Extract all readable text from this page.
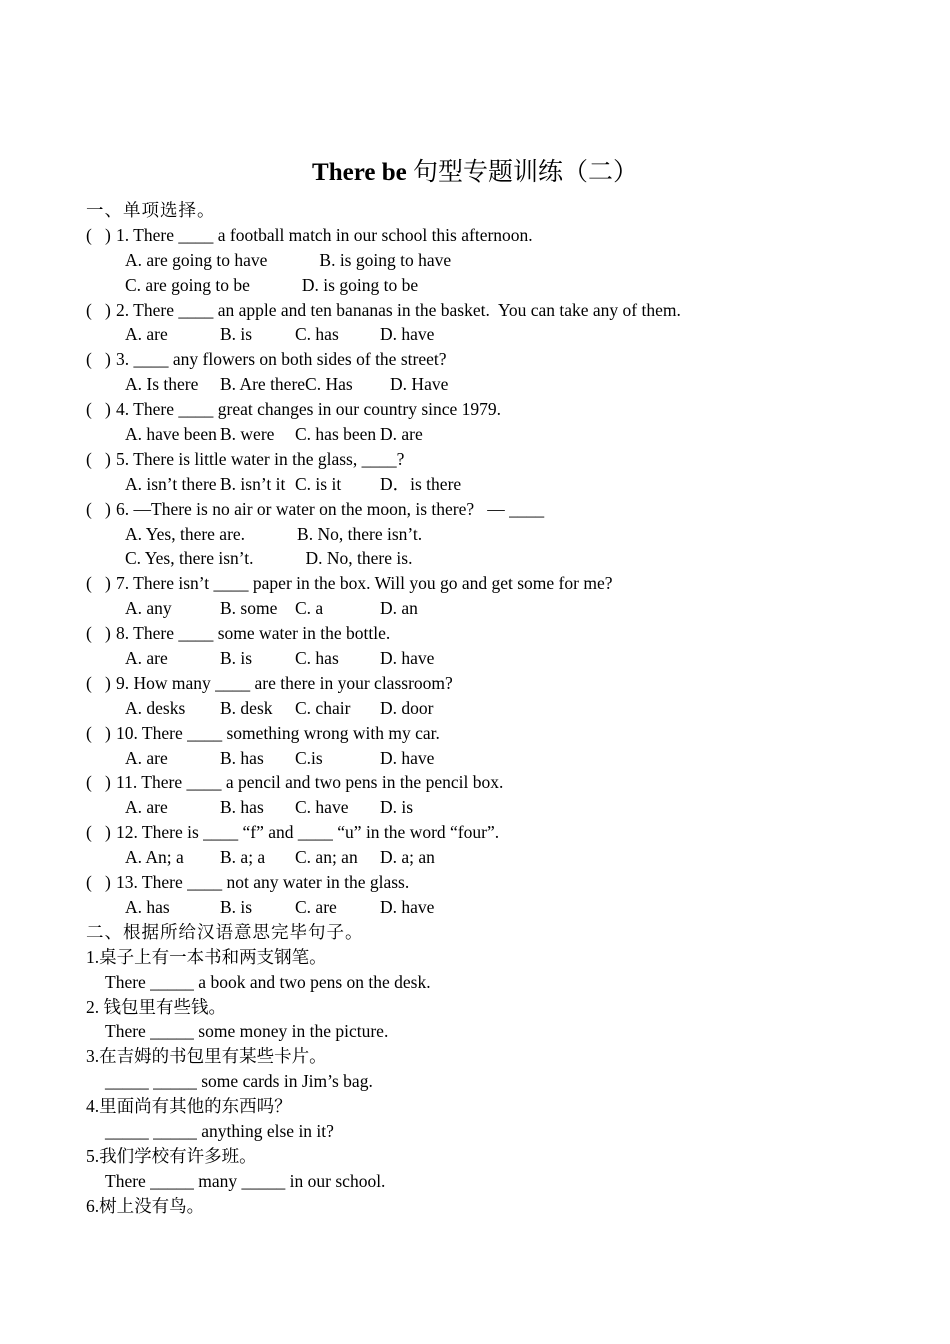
There be 句型专题训练（二）
一、单项选择。
(   ) 1. There ____ a football match in our school this afternoon.
A. are going to have	B. is going to have
C. are going to be	D. is going to be
(   ) 2. There ____ an apple and ten bananas in the basket.  You can take any of them.
A. are	B. is C. has D. have
(   ) 3. ____ any flowers on both sides of the street?
A. Is there B. Are thereC. Has D. Have
(   ) 4. There ____ great changes in our country since 1979.
A. have been B. were C. has been D. are
(   ) 5. There is little water in the glass, ____?
A. isn’t there B. isn’t it C. is it D．is there
(   ) 6. —There is no air or water on the moon, is there?   — ____
A. Yes, there are.	B. No, there isn’t.
C. Yes, there isn’t.	D. No, there is.
(   ) 7. There isn’t ____ paper in the box. Will you go and get some for me?
A. any	B. some C. a	D. an
(   ) 8. There ____ some water in the bottle.
A. are	B. is C. has D. have
(   ) 9. How many ____ are there in your classroom?
A. desks B. desk C. chair D. door
(   ) 10. There ____ something wrong with my car.
A. are	B. has C.is	D. have
(   ) 11. There ____ a pencil and two pens in the pencil box.
A. are	B. has C. have D. is
(   ) 12. There is ____ “f” and ____ “u” in the word “four”.
A. An; a B. a; a C. an; an D. a; an
(   ) 13. There ____ not any water in the glass.
A. has	B. is C. are D. have
二、根据所给汉语意思完毕句子。
1.桌子上有一本书和两支钢笔。
There _____ a book and two pens on the desk.
2. 钱包里有些钱。
There _____ some money in the picture.
3.在吉姆的书包里有某些卡片。
_____ _____ some cards in Jim’s bag.
4.里面尚有其他的东西吗？
_____ _____ anything else in it?
5.我们学校有许多班。
There _____ many _____ in our school.
6.树上没有鸟。
